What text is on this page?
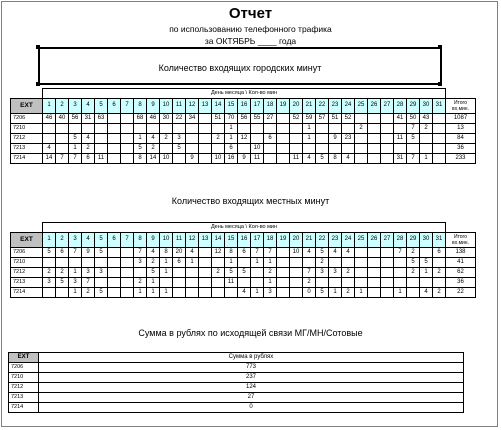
Отчет
по использованию телефонного трафика
за ОКТЯБРЬ ____ года
Количество входящих городских минут
	День месяца \ Кол-во мин																															
EXT	1	2	3	4	5	6	7	8	9	10	11	12	13	14	15	16	17	18	19	20	21	22	23	24	25	26	27	28	29	30	31	Итого вх.мин.
7206	46	40	56	31	63			68	46	30	22	34		51	70	56	55	27		52	59	57	51	52				41	50	43		1087
7210															1						1				2				7	2		13
7212			5	4				1	4	2	3			2	1	12		6			1		9	23				11	5			84
7213	4		1	2				5	2		5				6		10															36
7214	14	7	7	6	11			8	14	10		9		10	16	9	11			11	4	5	8	4				31	7	1		233
Количество входящих местных минут
	День месяца \ Кол-во мин																															
EXT	1	2	3	4	5	6	7	8	9	10	11	12	13	14	15	16	17	18	19	20	21	22	23	24	25	26	27	28	29	30	31	Итого вх.мин.
7206	5	6	7	9	5			7	4	8	20	4		12	8	6	7	7		10	4	5	4	4				7	2		6	138
7210								3	2	1	6	1			1		1	1				2							5	5		41
7212	2	2	1	3	3				5	1				2	5	5		2			7	3	3	2					2	1	2	62
7213	3	5	3	7				2	1						11			1			2											36
7214			1	2	5			1	1	1						4	1	3			0	5	1	2	1			1		4	2	22
Сумма в рублях по исходящей связи МГ/МН/Сотовые
EXT	Сумма в рублях
7206	773
7210	237
7212	124
7213	27
7214	0
